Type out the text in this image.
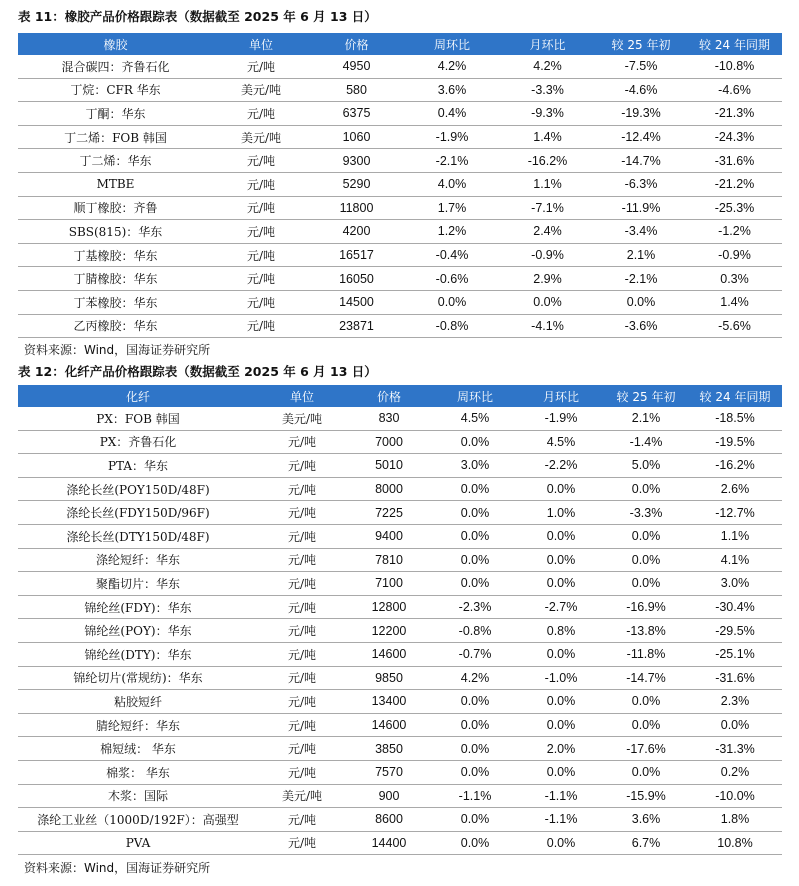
表 11：橡胶产品价格跟踪表（数据截至 2025 年 6 月 13 日）
橡胶	单位	价格	周环比	月环比	较 25 年初	较 24 年同期
混合碳四：齐鲁石化	元/吨	4950	4.2%	4.2%	-7.5%	-10.8%
丁烷：CFR 华东	美元/吨	580	3.6%	-3.3%	-4.6%	-4.6%
丁酮：华东	元/吨	6375	0.4%	-9.3%	-19.3%	-21.3%
丁二烯：FOB 韩国	美元/吨	1060	-1.9%	1.4%	-12.4%	-24.3%
丁二烯：华东	元/吨	9300	-2.1%	-16.2%	-14.7%	-31.6%
MTBE	元/吨	5290	4.0%	1.1%	-6.3%	-21.2%
顺丁橡胶：齐鲁	元/吨	11800	1.7%	-7.1%	-11.9%	-25.3%
SBS(815)：华东	元/吨	4200	1.2%	2.4%	-3.4%	-1.2%
丁基橡胶：华东	元/吨	16517	-0.4%	-0.9%	2.1%	-0.9%
丁腈橡胶：华东	元/吨	16050	-0.6%	2.9%	-2.1%	0.3%
丁苯橡胶：华东	元/吨	14500	0.0%	0.0%	0.0%	1.4%
乙丙橡胶：华东	元/吨	23871	-0.8%	-4.1%	-3.6%	-5.6%
资料来源：Wind，国海证券研究所
表 12：化纤产品价格跟踪表（数据截至 2025 年 6 月 13 日）
化纤	单位	价格	周环比	月环比	较 25 年初	较 24 年同期
PX：FOB 韩国	美元/吨	830	4.5%	-1.9%	2.1%	-18.5%
PX：齐鲁石化	元/吨	7000	0.0%	4.5%	-1.4%	-19.5%
PTA：华东	元/吨	5010	3.0%	-2.2%	5.0%	-16.2%
涤纶长丝(POY150D/48F)	元/吨	8000	0.0%	0.0%	0.0%	2.6%
涤纶长丝(FDY150D/96F)	元/吨	7225	0.0%	1.0%	-3.3%	-12.7%
涤纶长丝(DTY150D/48F)	元/吨	9400	0.0%	0.0%	0.0%	1.1%
涤纶短纤：华东	元/吨	7810	0.0%	0.0%	0.0%	4.1%
聚酯切片：华东	元/吨	7100	0.0%	0.0%	0.0%	3.0%
锦纶丝(FDY)：华东	元/吨	12800	-2.3%	-2.7%	-16.9%	-30.4%
锦纶丝(POY)：华东	元/吨	12200	-0.8%	0.8%	-13.8%	-29.5%
锦纶丝(DTY)：华东	元/吨	14600	-0.7%	0.0%	-11.8%	-25.1%
锦纶切片(常规纺)：华东	元/吨	9850	4.2%	-1.0%	-14.7%	-31.6%
粘胶短纤	元/吨	13400	0.0%	0.0%	0.0%	2.3%
腈纶短纤：华东	元/吨	14600	0.0%	0.0%	0.0%	0.0%
棉短绒： 华东	元/吨	3850	0.0%	2.0%	-17.6%	-31.3%
棉浆： 华东	元/吨	7570	0.0%	0.0%	0.0%	0.2%
木浆：国际	美元/吨	900	-1.1%	-1.1%	-15.9%	-10.0%
涤纶工业丝（1000D/192F）：高强型	元/吨	8600	0.0%	-1.1%	3.6%	1.8%
PVA	元/吨	14400	0.0%	0.0%	6.7%	10.8%
资料来源：Wind，国海证券研究所
